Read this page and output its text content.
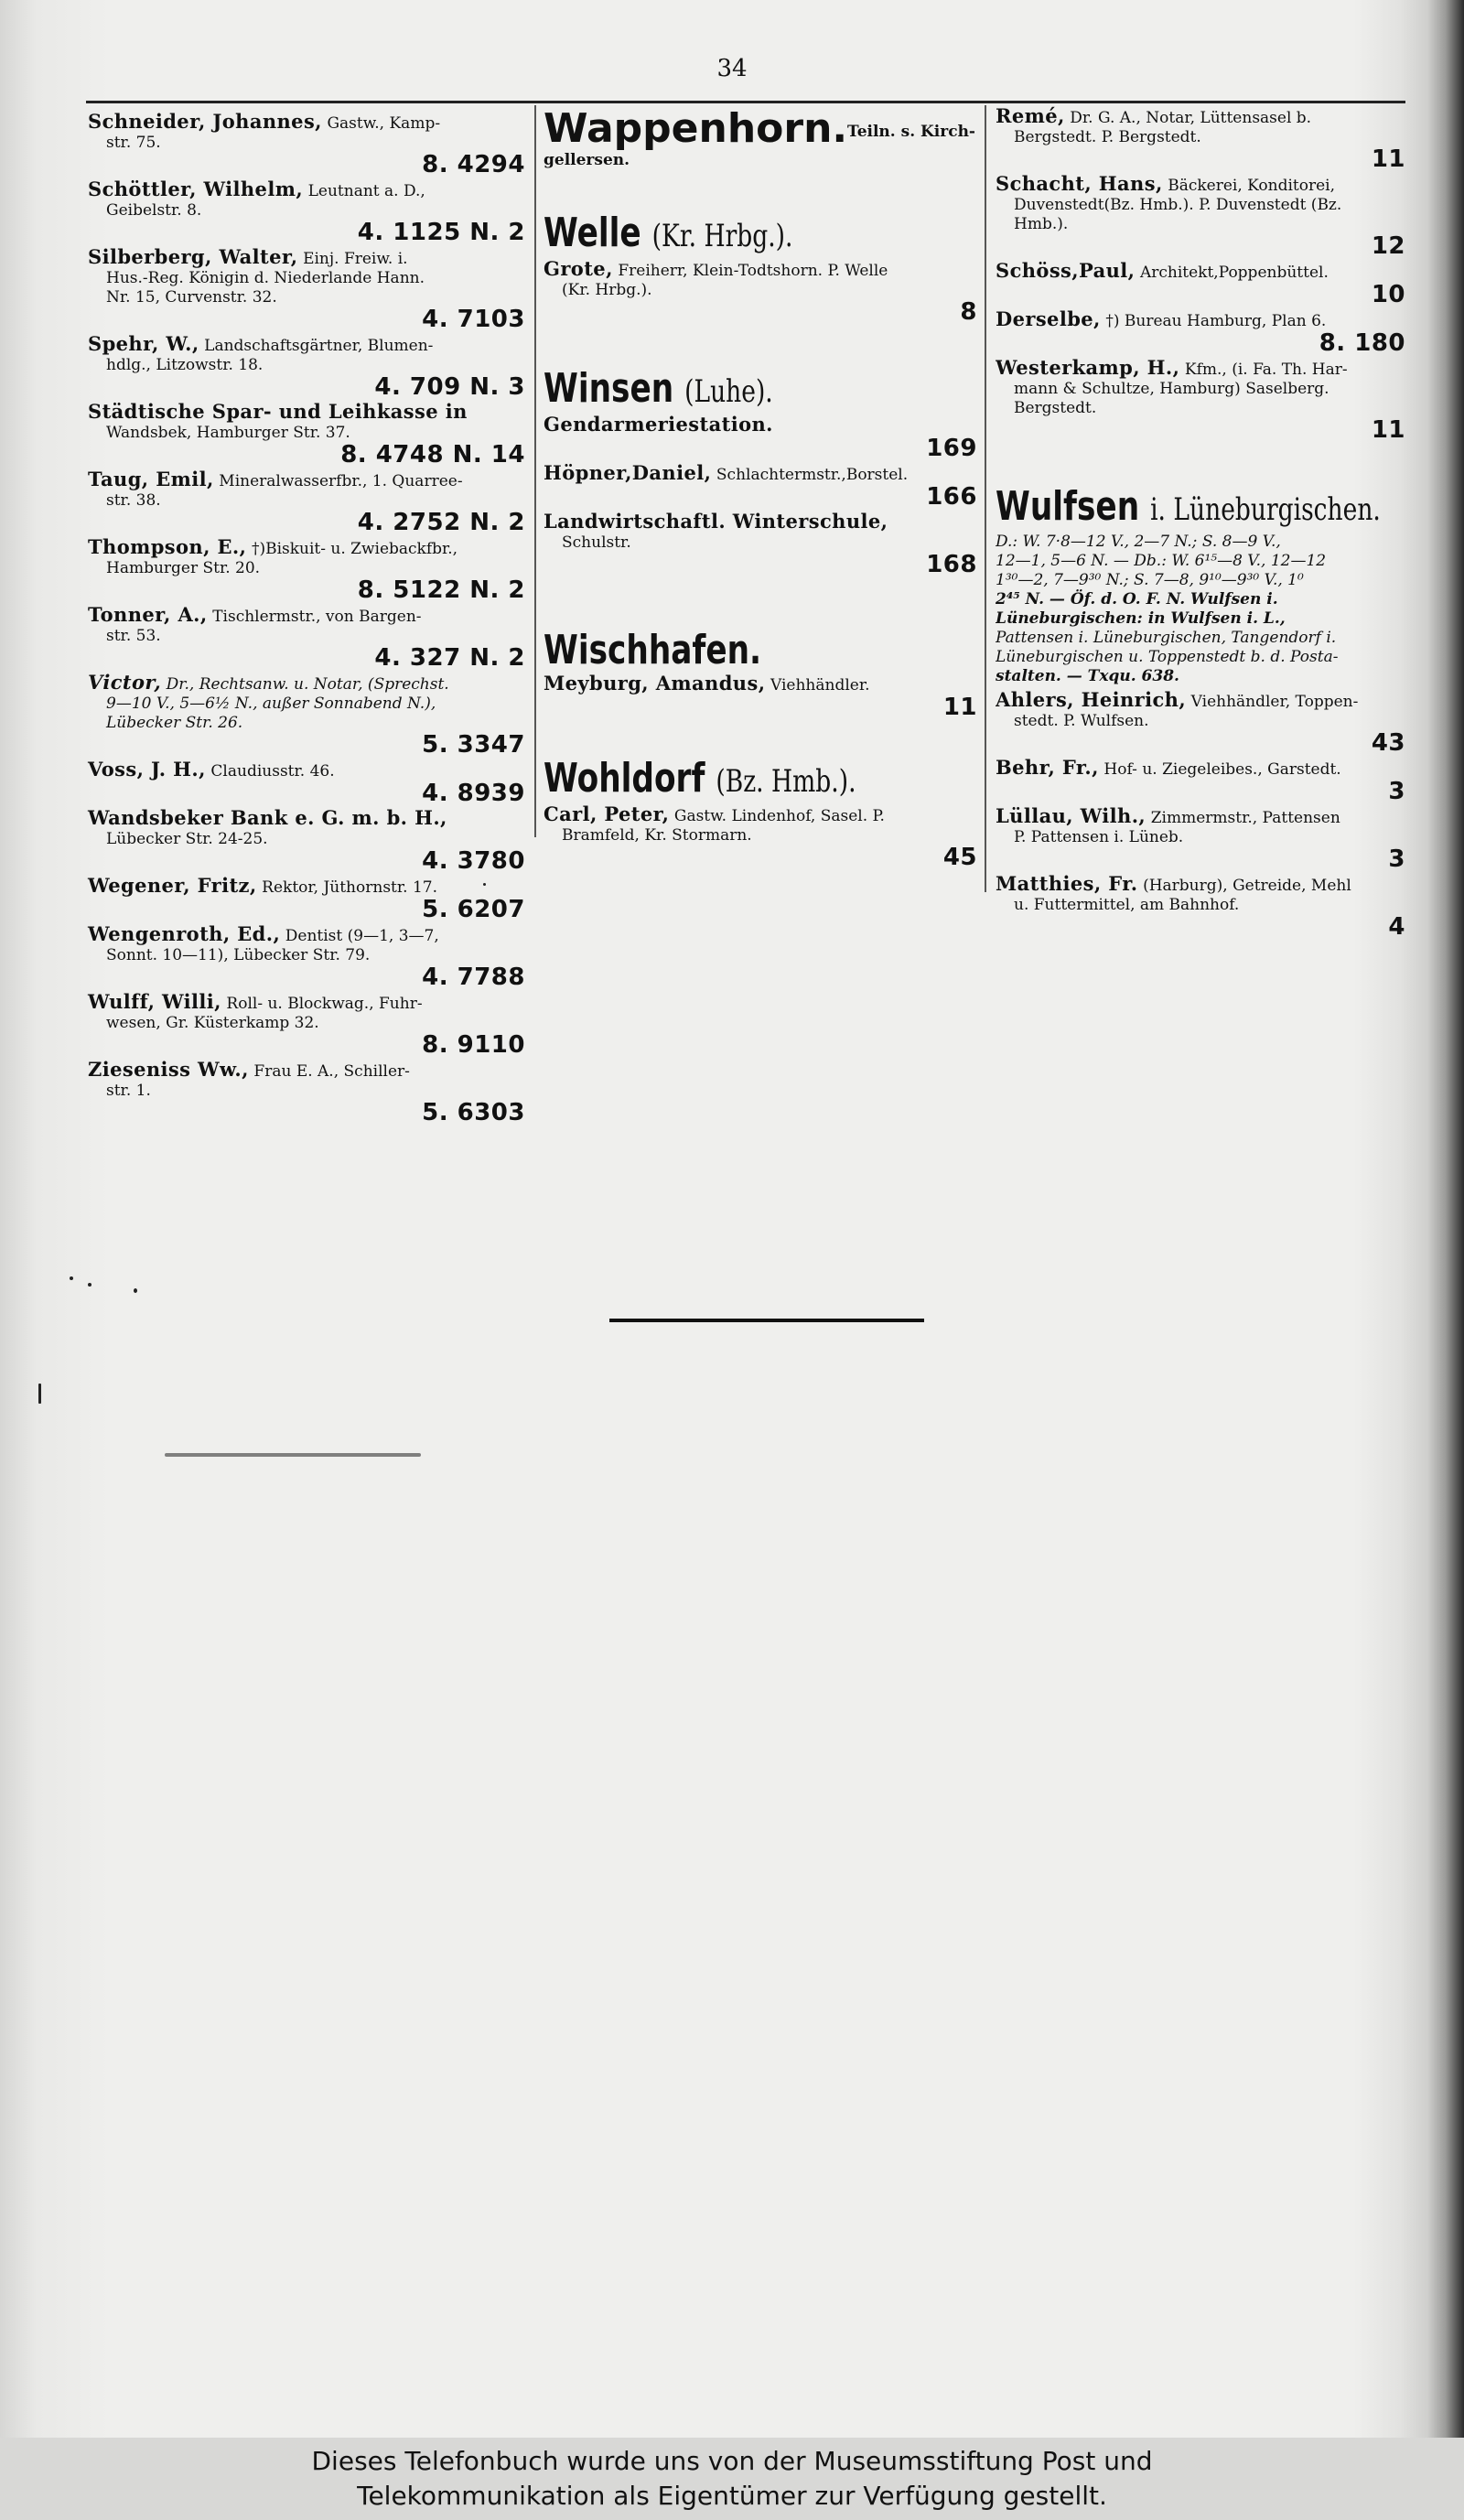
34
Schneider, Johannes, Gastw., Kamp-
str. 75.
8. 4294
Schöttler, Wilhelm, Leutnant a. D.,
Geibelstr. 8.
4. 1125 N. 2
Silberberg, Walter, Einj. Freiw. i.
Hus.-Reg. Königin d. Niederlande Hann.
Nr. 15, Curvenstr. 32.
4. 7103
Spehr, W., Landschaftsgärtner, Blumen-
hdlg., Litzowstr. 18.
4. 709 N. 3
Städtische Spar- und Leihkasse in
Wandsbek, Hamburger Str. 37.
8. 4748 N. 14
Taug, Emil, Mineralwasserfbr., 1. Quarree-
str. 38.
4. 2752 N. 2
Thompson, E., †)Biskuit- u. Zwiebackfbr.,
Hamburger Str. 20.
8. 5122 N. 2
Tonner, A., Tischlermstr., von Bargen-
str. 53.
4. 327 N. 2
Victor, Dr., Rechtsanw. u. Notar, (Sprechst.
9—10 V., 5—6½ N., außer Sonnabend N.),
Lübecker Str. 26.
5. 3347
Voss, J. H., Claudiusstr. 46.
4. 8939
Wandsbeker Bank e. G. m. b. H.,
Lübecker Str. 24-25.
4. 3780
Wegener, Fritz, Rektor, Jüthornstr. 17.
5. 6207
Wengenroth, Ed., Dentist (9—1, 3—7,
Sonnt. 10—11), Lübecker Str. 79.
4. 7788
Wulff, Willi, Roll- u. Blockwag., Fuhr-
wesen, Gr. Küsterkamp 32.
8. 9110
Zieseniss Ww., Frau E. A., Schiller-
str. 1.
5. 6303
Wappenhorn. Teiln. s. Kirch-
gellersen.
Welle (Kr. Hrbg.).
Grote, Freiherr, Klein-Todtshorn. P. Welle
(Kr. Hrbg.).
8
Winsen (Luhe).
Gendarmeriestation.
169
Höpner,Daniel, Schlachtermstr.,Borstel.
166
Landwirtschaftl. Winterschule,
Schulstr.
168
Wischhafen.
Meyburg, Amandus, Viehhändler.
11
Wohldorf (Bz. Hmb.).
Carl, Peter, Gastw. Lindenhof, Sasel. P.
Bramfeld, Kr. Stormarn.
45
Remé, Dr. G. A., Notar, Lüttensasel b.
Bergstedt. P. Bergstedt.
11
Schacht, Hans, Bäckerei, Konditorei,
Duvenstedt(Bz. Hmb.). P. Duvenstedt (Bz.
Hmb.).
12
Schöss,Paul, Architekt,Poppenbüttel.
10
Derselbe, †) Bureau Hamburg, Plan 6.
8. 180
Westerkamp, H., Kfm., (i. Fa. Th. Har-
mann & Schultze, Hamburg) Saselberg.
Bergstedt.
11
Wulfsen i. Lüneburgischen.
D.: W. 7·8—12 V., 2—7 N.; S. 8—9 V.,
12—1, 5—6 N. — Db.: W. 6¹⁵—8 V., 12—12
1³⁰—2, 7—9³⁰ N.; S. 7—8, 9¹⁰—9³⁰ V., 1⁰
2⁴⁵ N. — Öf. d. O. F. N. Wulfsen i.
Lüneburgischen: in Wulfsen i. L.,
Pattensen i. Lüneburgischen, Tangendorf i.
Lüneburgischen u. Toppenstedt b. d. Posta-
stalten. — Txqu. 638.
Ahlers, Heinrich, Viehhändler, Toppen-
stedt. P. Wulfsen.
43
Behr, Fr., Hof- u. Ziegeleibes., Garstedt.
3
Lüllau, Wilh., Zimmermstr., Pattensen
P. Pattensen i. Lüneb.
3
Matthies, Fr. (Harburg), Getreide, Mehl
u. Futtermittel, am Bahnhof.
4
Dieses Telefonbuch wurde uns von der Museumsstiftung Post und
Telekommunikation als Eigentümer zur Verfügung gestellt.
